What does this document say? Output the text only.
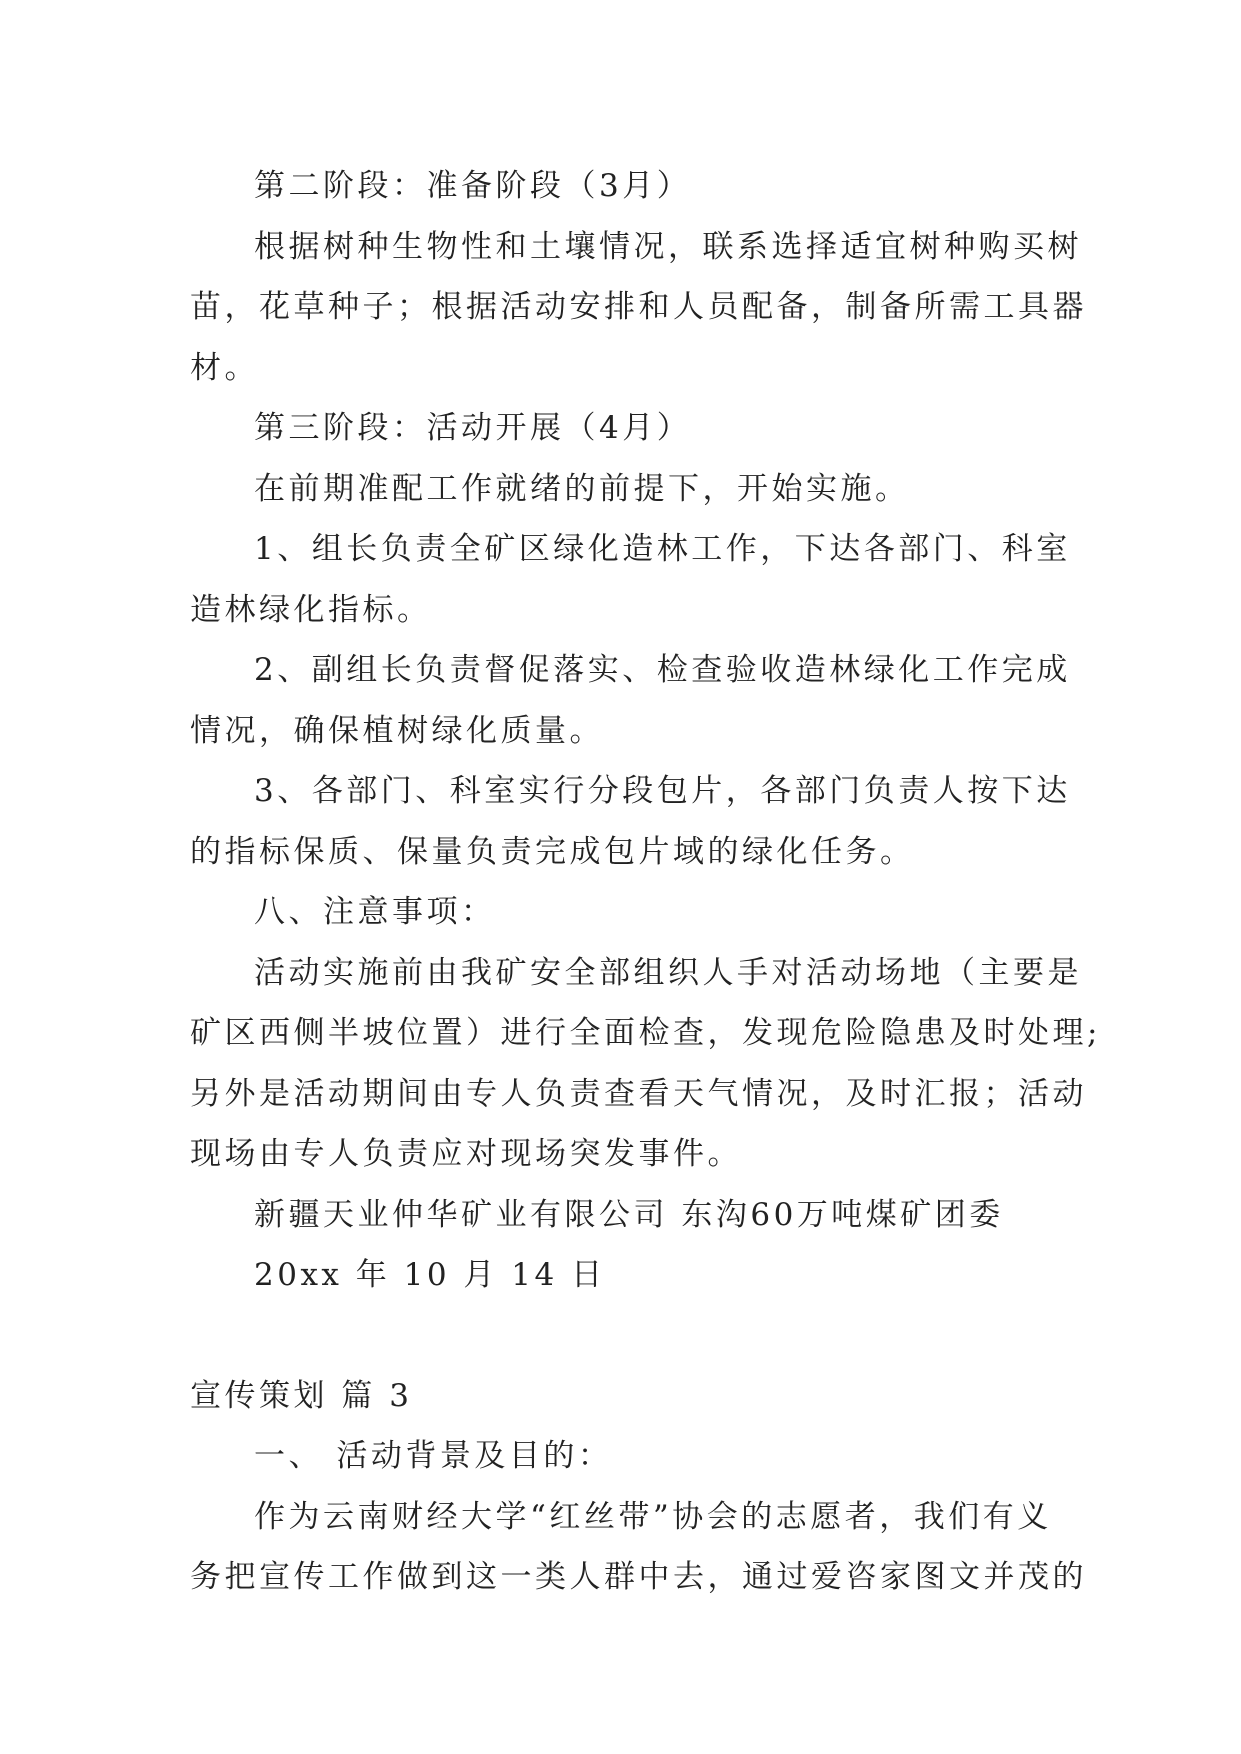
第二阶段：准备阶段（3月）
根据树种生物性和土壤情况，联系选择适宜树种购买树
苗，花草种子；根据活动安排和人员配备，制备所需工具器
材。
第三阶段：活动开展（4月）
在前期准配工作就绪的前提下，开始实施。
1、组长负责全矿区绿化造林工作，下达各部门、科室
造林绿化指标。
2、副组长负责督促落实、检查验收造林绿化工作完成
情况，确保植树绿化质量。
3、各部门、科室实行分段包片，各部门负责人按下达
的指标保质、保量负责完成包片域的绿化任务。
八、注意事项：
活动实施前由我矿安全部组织人手对活动场地（主要是
矿区西侧半坡位置）进行全面检查，发现危险隐患及时处理;
另外是活动期间由专人负责查看天气情况，及时汇报；活动
现场由专人负责应对现场突发事件。
新疆天业仲华矿业有限公司 东沟60万吨煤矿团委
20xx 年 10 月 14 日
宣传策划 篇 3
一、 活动背景及目的：
作为云南财经大学“红丝带”协会的志愿者，我们有义
务把宣传工作做到这一类人群中去，通过爱咨家图文并茂的
